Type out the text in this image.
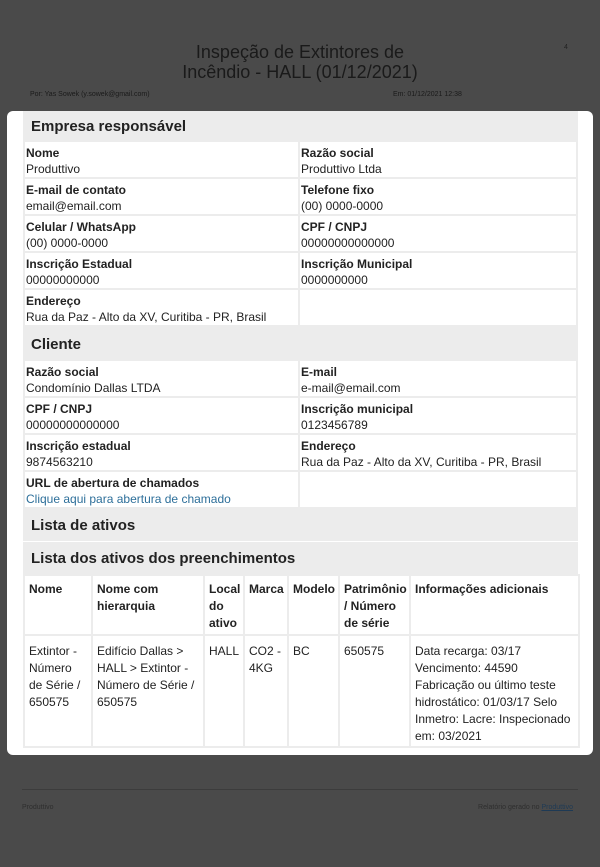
Inspeção de Extintores de
Incêndio - HALL (01/12/2021)
4
Por: Yas Sowek (y.sowek@gmail.com)	Em: 01/12/2021 12:38
Produttivo	Relatório gerado no Produttivo
Empresa responsável
Nome
Produttivo
Razão social
Produttivo Ltda
E-mail de contato
email@email.com
Telefone fixo
(00) 0000-0000
Celular / WhatsApp
(00) 0000-0000
CPF / CNPJ
00000000000000
Inscrição Estadual
00000000000
Inscrição Municipal
0000000000
Endereço
Rua da Paz - Alto da XV, Curitiba - PR, Brasil
Cliente
Razão social
Condomínio Dallas LTDA
E-mail
e-mail@email.com
CPF / CNPJ
00000000000000
Inscrição municipal
0123456789
Inscrição estadual
9874563210
Endereço
Rua da Paz - Alto da XV, Curitiba - PR, Brasil
URL de abertura de chamados
Clique aqui para abertura de chamado
Lista de ativos
Lista dos ativos dos preenchimentos
Nome	Nome com hierarquia	Local do ativo	Marca	Modelo	Patrimônio / Número de série	Informações adicionais
Extintor - Número de Série / 650575	Edifício Dallas > HALL > Extintor - Número de Série / 650575	HALL	CO2 - 4KG	BC	650575	Data recarga: 03/17 Vencimento: 44590 Fabricação ou último teste hidrostático: 01/03/17 Selo Inmetro: Lacre: Inspecionado em: 03/2021
